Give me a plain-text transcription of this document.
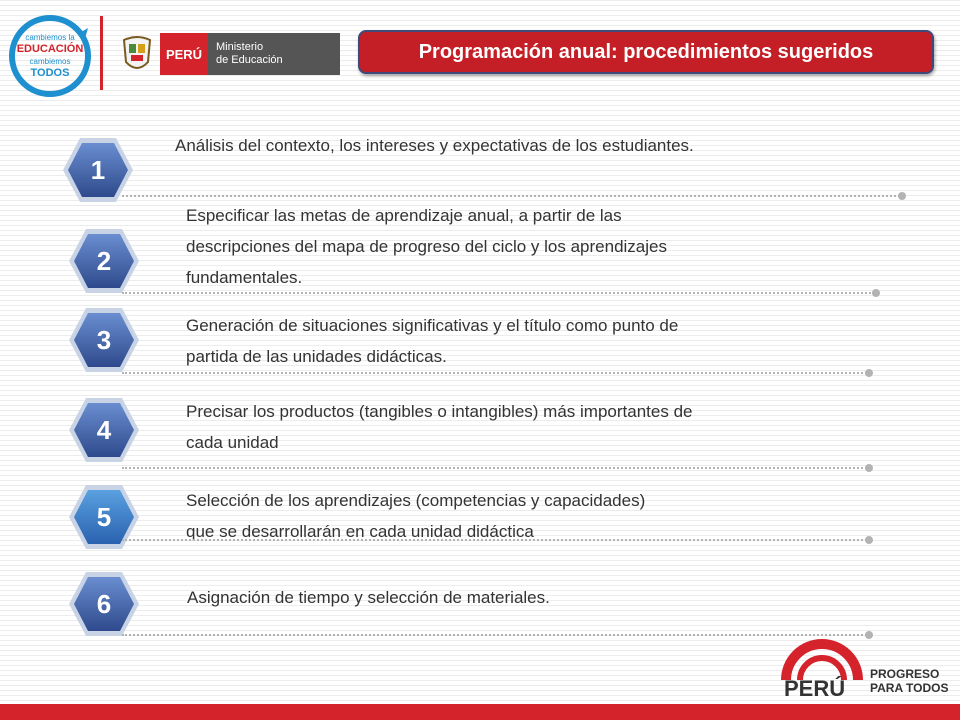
cambiemos la
EDUCACIÓN
cambiemos
TODOS
PERÚ	Ministerio
de Educación	Programación anual: procedimientos sugeridos
1

Análisis del contexto, los intereses y expectativas de los estudiantes.

2

Especificar las metas de aprendizaje anual, a partir de las
descripciones del mapa de progreso del ciclo y los aprendizajes
fundamentales.

3	Generación de situaciones significativas y el título como punto de
partida de las unidades didácticas.

4

Precisar los productos (tangibles o intangibles) más importantes de
cada unidad

5

Selección de los aprendizajes (competencias y capacidades)
que se desarrollarán en cada unidad didáctica

6	Asignación de tiempo y selección de materiales.

PERÚ
PROGRESO
PARA TODOS
